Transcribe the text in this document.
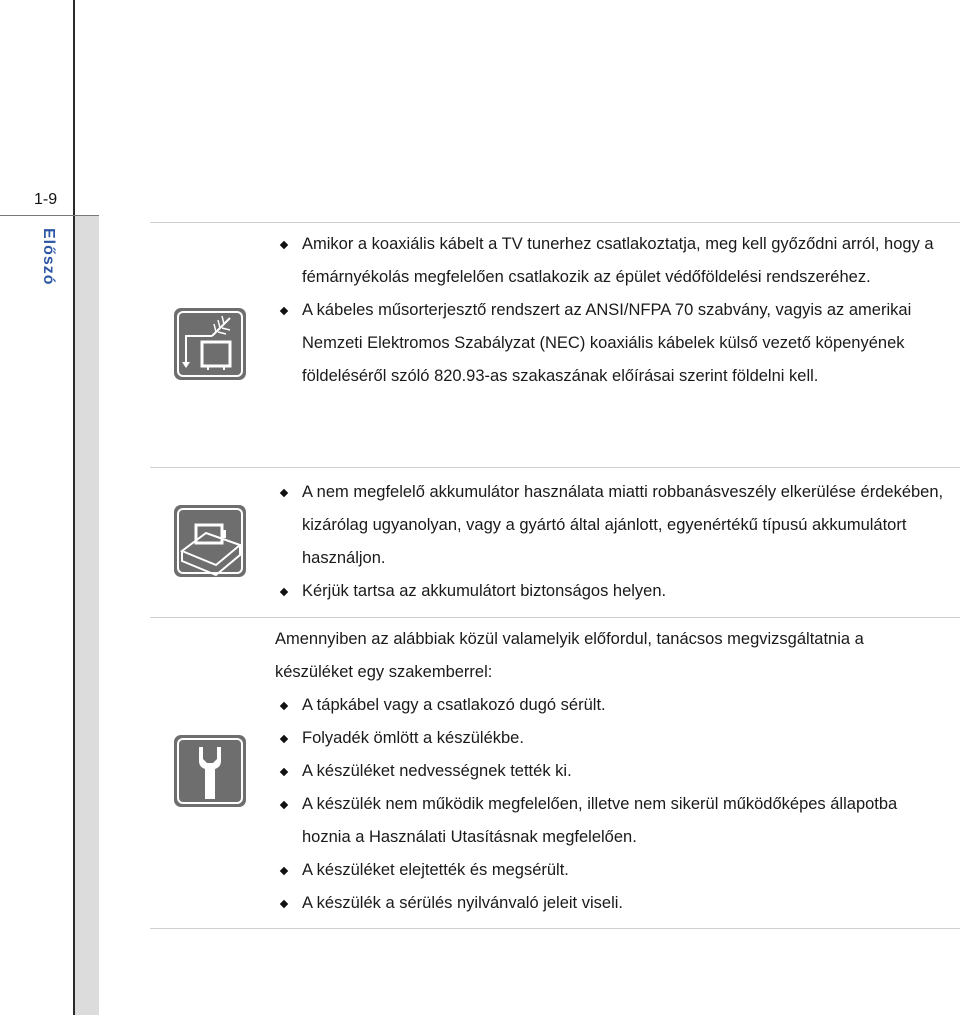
1-9
Előszó	Amikor a koaxiális kábelt a TV tunerhez csatlakoztatja, meg kell győződni arról, hogy a fémárnyékolás megfelelően csatlakozik az épület védőföldelési rendszeréhez.
A kábeles műsorterjesztő rendszert az ANSI/NFPA 70 szabvány, vagyis az amerikai Nemzeti Elektromos Szabályzat (NEC) koaxiális kábelek külső vezető köpenyének földeléséről szóló 820.93-as szakaszának előírásai szerint földelni kell.
A nem megfelelő akkumulátor használata miatti robbanásveszély elkerülése érdekében, kizárólag ugyanolyan, vagy a gyártó által ajánlott, egyenértékű típusú akkumulátort használjon.
Kérjük tartsa az akkumulátort biztonságos helyen.

Amennyiben az alábbiak közül valamelyik előfordul, tanácsos megvizsgáltatnia a készüléket egy szakemberrel:

A tápkábel vagy a csatlakozó dugó sérült.
Folyadék ömlött a készülékbe.
A készüléket nedvességnek tették ki.
A készülék nem működik megfelelően, illetve nem sikerül működőképes állapotba hoznia a Használati Utasításnak megfelelően.
A készüléket elejtették és megsérült.
A készülék a sérülés nyilvánvaló jeleit viseli.
